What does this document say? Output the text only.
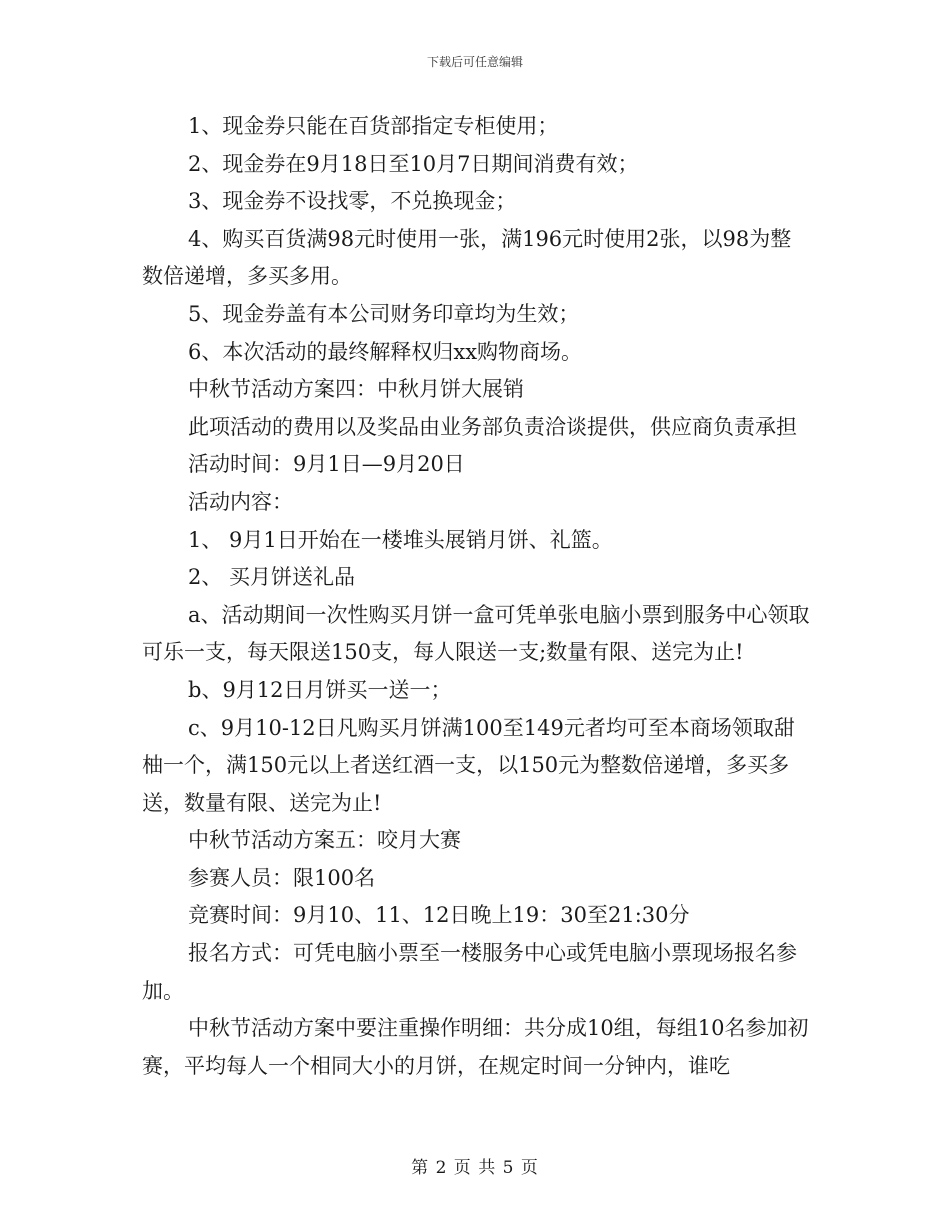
下载后可任意编辑

1、现金券只能在百货部指定专柜使用；

2、现金券在9月18日至10月7日期间消费有效；

3、现金券不设找零，不兑换现金；

4、购买百货满98元时使用一张，满196元时使用2张，以98为整数倍递增，多买多用。

5、现金券盖有本公司财务印章均为生效；

6、本次活动的最终解释权归xx购物商场。

中秋节活动方案四：中秋月饼大展销

此项活动的费用以及奖品由业务部负责洽谈提供，供应商负责承担

活动时间：9月1日—9月20日

活动内容：

1、 9月1日开始在一楼堆头展销月饼、礼篮。

2、 买月饼送礼品

a、活动期间一次性购买月饼一盒可凭单张电脑小票到服务中心领取可乐一支，每天限送150支，每人限送一支;数量有限、送完为止!

b、9月12日月饼买一送一；

c、9月10-12日凡购买月饼满100至149元者均可至本商场领取甜柚一个，满150元以上者送红酒一支，以150元为整数倍递增，多买多送，数量有限、送完为止!

中秋节活动方案五：咬月大赛

参赛人员：限100名

竞赛时间：9月10、11、12日晚上19：30至21:30分

报名方式：可凭电脑小票至一楼服务中心或凭电脑小票现场报名参加。

中秋节活动方案中要注重操作明细：共分成10组，每组10名参加初赛，平均每人一个相同大小的月饼，在规定时间一分钟内，谁吃

第 2 页 共 5 页
